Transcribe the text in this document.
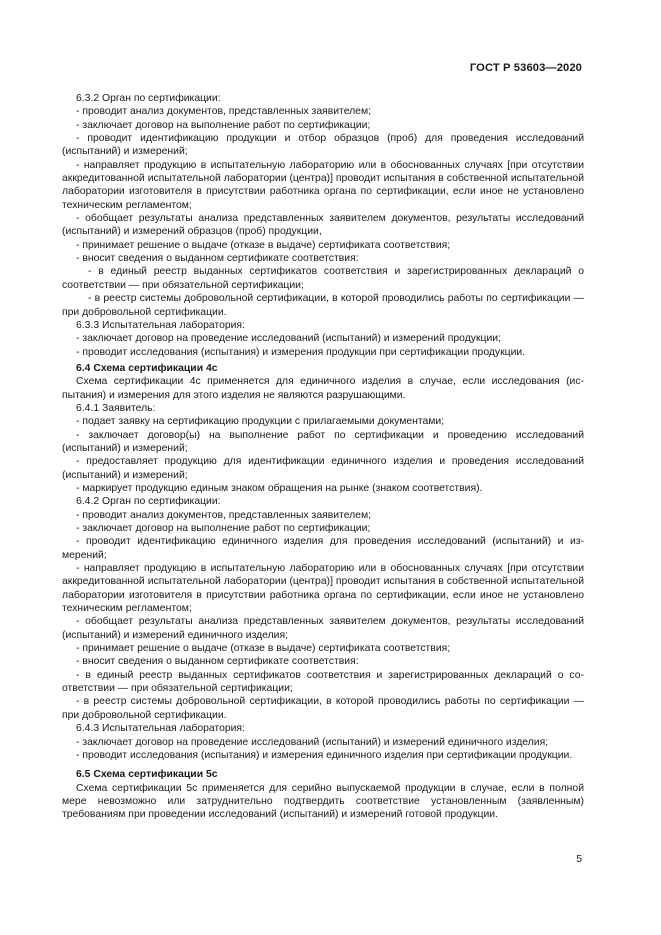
ГОСТ Р 53603—2020

6.3.2 Орган по сертификации:

- проводит анализ документов, представленных заявителем;

- заключает договор на выполнение работ по сертификации;

- проводит идентификацию продукции и отбор образцов (проб) для проведения исследований (испытаний) и измерений;

- направляет продукцию в испытательную лабораторию или в обоснованных случаях [при отсутствии аккредитованной испытательной лаборатории (центра)] проводит испытания в собственной испытательной лаборатории изготовителя в присутствии работника органа по сертификации, если иное не установлено техническим регламентом;

- обобщает результаты анализа представленных заявителем документов, результаты исследований (испытаний) и измерений образцов (проб) продукции,

- принимает решение о выдаче (отказе в выдаче) сертификата соответствия;

- вносит сведения о выданном сертификате соответствия:

- в единый реестр выданных сертификатов соответствия и зарегистрированных деклараций о соответствии — при обязательной сертификации;

- в реестр системы добровольной сертификации, в которой проводились работы по сертификации — при добровольной сертификации.

6.3.3 Испытательная лаборатория:

- заключает договор на проведение исследований (испытаний) и измерений продукции;

- проводит исследования (испытания) и измерения продукции при сертификации продукции.

6.4 Схема сертификации 4с

Схема сертификации 4с применяется для единичного изделия в случае, если исследования (испытания) и измерения для этого изделия не являются разрушающими.

6.4.1 Заявитель:

- подает заявку на сертификацию продукции с прилагаемыми документами;

- заключает договор(ы) на выполнение работ по сертификации и проведению исследований (испытаний) и измерений;

- предоставляет продукцию для идентификации единичного изделия и проведения исследований (испытаний) и измерений;

- маркирует продукцию единым знаком обращения на рынке (знаком соответствия).

6.4.2 Орган по сертификации:

- проводит анализ документов, представленных заявителем;

- заключает договор на выполнение работ по сертификации;

- проводит идентификацию единичного изделия для проведения исследований (испытаний) и измерений;

- направляет продукцию в испытательную лабораторию или в обоснованных случаях [при отсутствии аккредитованной испытательной лаборатории (центра)] проводит испытания в собственной испытательной лаборатории изготовителя в присутствии работника органа по сертификации, если иное не установлено техническим регламентом;

- обобщает результаты анализа представленных заявителем документов, результаты исследований (испытаний) и измерений единичного изделия;

- принимает решение о выдаче (отказе в выдаче) сертификата соответствия;

- вносит сведения о выданном сертификате соответствия:

- в единый реестр выданных сертификатов соответствия и зарегистрированных деклараций о соответствии — при обязательной сертификации;

- в реестр системы добровольной сертификации, в которой проводились работы по сертификации — при добровольной сертификации.

6.4.3 Испытательная лаборатория:

- заключает договор на проведение исследований (испытаний) и измерений единичного изделия;

- проводит исследования (испытания) и измерения единичного изделия при сертификации продукции.

6.5 Схема сертификации 5с

Схема сертификации 5с применяется для серийно выпускаемой продукции в случае, если в полной мере невозможно или затруднительно подтвердить соответствие установленным (заявленным) требованиям при проведении исследований (испытаний) и измерений готовой продукции.

5
